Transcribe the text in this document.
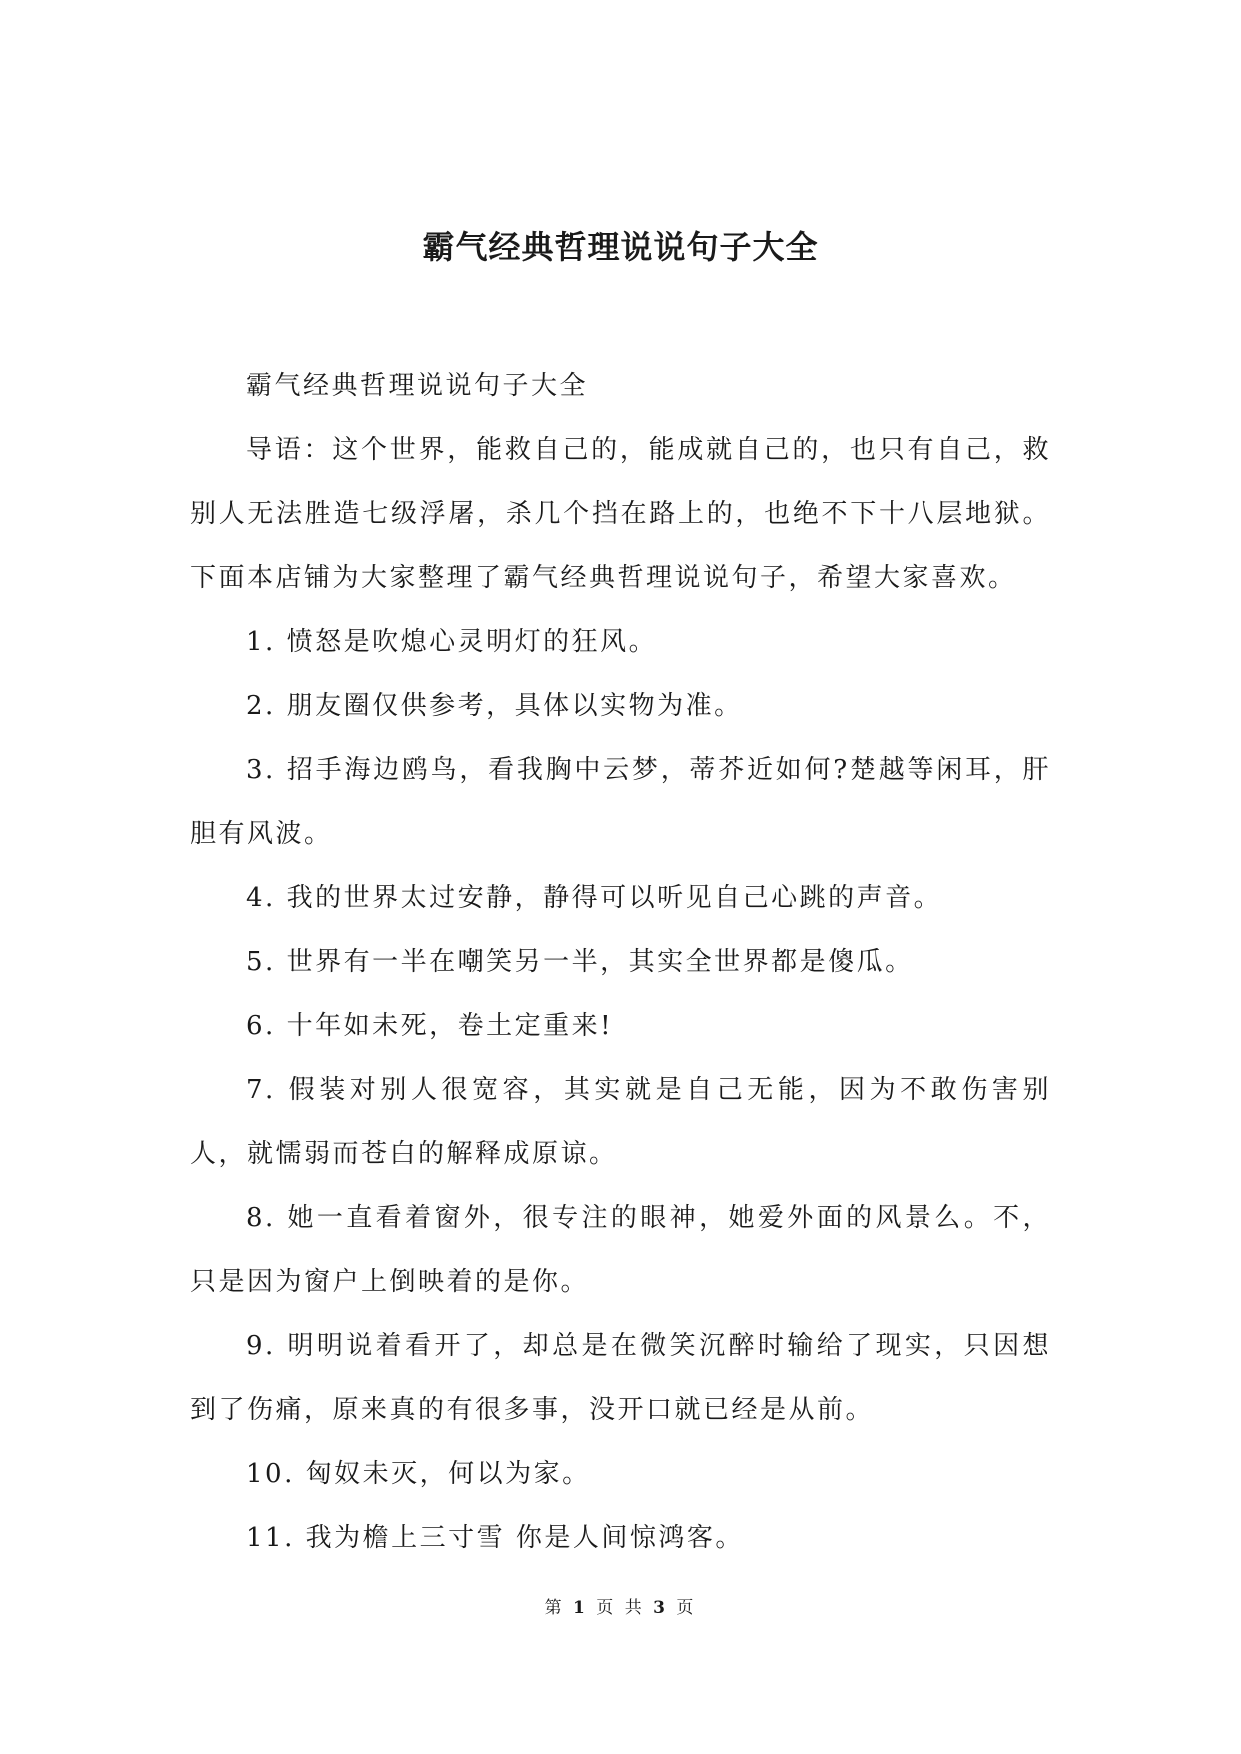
霸气经典哲理说说句子大全

霸气经典哲理说说句子大全

导语：这个世界，能救自己的，能成就自己的，也只有自己，救别人无法胜造七级浮屠，杀几个挡在路上的，也绝不下十八层地狱。下面本店铺为大家整理了霸气经典哲理说说句子，希望大家喜欢。

1. 愤怒是吹熄心灵明灯的狂风。

2. 朋友圈仅供参考，具体以实物为准。

3. 招手海边鸥鸟，看我胸中云梦，蒂芥近如何?楚越等闲耳，肝胆有风波。

4. 我的世界太过安静，静得可以听见自己心跳的声音。

5. 世界有一半在嘲笑另一半，其实全世界都是傻瓜。

6. 十年如未死，卷土定重来!

7. 假装对别人很宽容，其实就是自己无能，因为不敢伤害别人，就懦弱而苍白的解释成原谅。

8. 她一直看着窗外，很专注的眼神，她爱外面的风景么。不，只是因为窗户上倒映着的是你。

9. 明明说着看开了，却总是在微笑沉醉时输给了现实，只因想到了伤痛，原来真的有很多事，没开口就已经是从前。

10. 匈奴未灭，何以为家。

11. 我为檐上三寸雪 你是人间惊鸿客。

第 1 页 共 3 页
